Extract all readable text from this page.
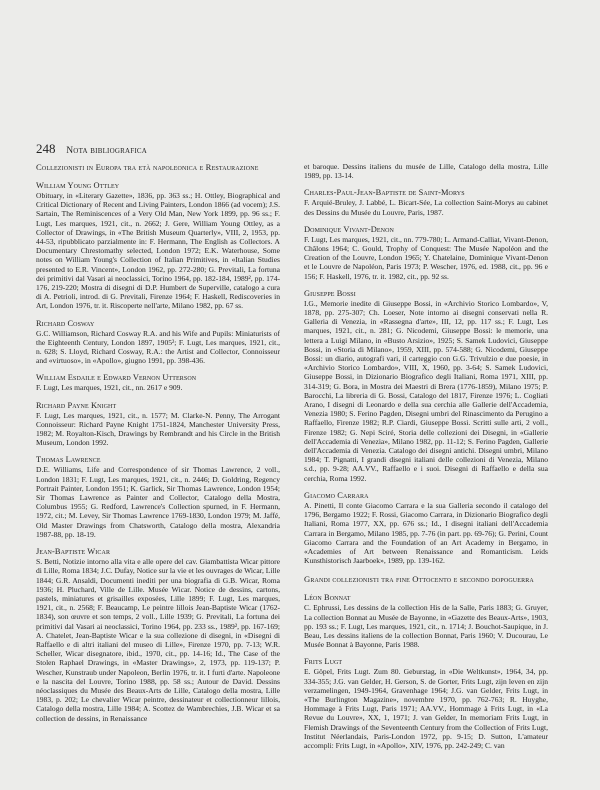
248 Nota bibliografica

Collezionisti in Europa tra età napoleonica e Restaurazione

William Young Ottley

Obituary, in «Literary Gazette», 1836, pp. 363 ss.; H. Ottley, Biographical and Critical Dictionary of Recent and Living Painters, London 1866 (ad vocem); J.S. Sartain, The Reminiscences of a Very Old Man, New York 1899, pp. 96 ss.; F. Lugt, Les marques, 1921, cit., n. 2662; J. Gere, William Young Ottley, as a Collector of Drawings, in «The British Museum Quarterly», VIII, 2, 1953, pp. 44-53, ripubblicato parzialmente in: F. Hermann, The English as Collectors. A Documentary Chrestomathy selected, London 1972; E.K. Waterhouse, Some notes on William Young's Collection of Italian Primitives, in «Italian Studies presented to E.R. Vincent», London 1962, pp. 272-280; G. Previtali, La fortuna dei primitivi dal Vasari ai neoclassici, Torino 1964, pp. 182-184, 1989², pp. 174-176, 219-220; Mostra di disegni di D.P. Humbert de Superville, catalogo a cura di A. Petrioli, introd. di G. Previtali, Firenze 1964; F. Haskell, Rediscoveries in Art, London 1976, tr. it. Riscoperte nell'arte, Milano 1982, pp. 67 ss.

Richard Cosway

G.C. Williamson, Richard Cosway R.A. and his Wife and Pupils: Miniaturists of the Eighteenth Century, London 1897, 1905²; F. Lugt, Les marques, 1921, cit., n. 628; S. Lloyd, Richard Cosway, R.A.: the Artist and Collector, Connoisseur and «virtuoso», in «Apollo», giugno 1991, pp. 398-436.

William Esdaile e Edward Vernon Utterson

F. Lugt, Les marques, 1921, cit., nn. 2617 e 909.

Richard Payne Knight

F. Lugt, Les marques, 1921, cit., n. 1577; M. Clarke-N. Penny, The Arrogant Connoisseur: Richard Payne Knight 1751-1824, Manchester University Press, 1982; M. Royalton-Kisch, Drawings by Rembrandt and his Circle in the British Museum, London 1992.

Thomas Lawrence

D.E. Williams, Life and Correspondence of sir Thomas Lawrence, 2 voll., London 1831; F. Lugt, Les marques, 1921, cit., n. 2446; D. Goldring, Regency Portrait Painter, London 1951; K. Garlick, Sir Thomas Lawrence, London 1954; Sir Thomas Lawrence as Painter and Collector, Catalogo della Mostra, Columbus 1955; G. Redford, Lawrence's Collection spurned, in F. Hermann, 1972, cit.; M. Levey, Sir Thomas Lawrence 1769-1830, London 1979; M. Jaffé, Old Master Drawings from Chatsworth, Catalogo della mostra, Alexandria 1987-88, pp. 18-19.

Jean-Baptiste Wicar

S. Betti, Notizie intorno alla vita e alle opere del cav. Giambattista Wicar pittore di Lille, Roma 1834; J.C. Dufay, Notice sur la vie et les ouvrages de Wicar, Lille 1844; G.R. Ansaldi, Documenti inediti per una biografia di G.B. Wicar, Roma 1936; H. Pluchard, Ville de Lille. Musée Wicar. Notice de dessins, cartons, pastels, miniatures et grisailles exposées, Lille 1899; F. Lugt, Les marques, 1921, cit., n. 2568; F. Beaucamp, Le peintre lillois Jean-Baptiste Wicar (1762-1834), son œuvre et son temps, 2 voll., Lille 1939; G. Previtali, La fortuna dei primitivi dal Vasari ai neoclassici, Torino 1964, pp. 233 ss., 1989², pp. 167-169; A. Chatelet, Jean-Baptiste Wicar e la sua collezione di disegni, in «Disegni di Raffaello e di altri italiani del museo di Lille», Firenze 1970, pp. 7-13; W.R. Scheller, Wicar disegnatore, ibid., 1970, cit., pp. 14-16; Id., The Case of the Stolen Raphael Drawings, in «Master Drawings», 2, 1973, pp. 119-137; P. Wescher, Kunstraub under Napoleon, Berlin 1976, tr. it. I furti d'arte. Napoleone e la nascita del Louvre, Torino 1988, pp. 58 ss.; Autour de David. Dessins néoclassiques du Musée des Beaux-Arts de Lille, Catalogo della mostra, Lille 1983, p. 202; Le chevalier Wicar peintre, dessinateur et collectionneur lillois, Catalogo della mostra, Lille 1984; A. Scottez de Wambrechies, J.B. Wicar et sa collection de dessins, in Renaissance

et baroque. Dessins italiens du musée de Lille, Catalogo della mostra, Lille 1989, pp. 13-14.

Charles-Paul-Jean-Baptiste de Saint-Morys

F. Arquié-Bruley, J. Labbé, L. Bicart-Sée, La collection Saint-Morys au cabinet des Dessins du Musée du Louvre, Paris, 1987.

Dominique Vivant-Denon

F. Lugt, Les marques, 1921, cit., nn. 779-780; L. Armand-Calliat, Vivant-Denon, Châlons 1964; C. Gould, Trophy of Conquest: The Musée Napoléon and the Creation of the Louvre, London 1965; Y. Chatelaine, Dominique Vivant-Denon et le Louvre de Napoléon, Paris 1973; P. Wescher, 1976, ed. 1988, cit., pp. 96 e 156; F. Haskell, 1976, tr. it. 1982, cit., pp. 92 ss.

Giuseppe Bossi

I.G., Memorie inedite di Giuseppe Bossi, in «Archivio Storico Lombardo», V, 1878, pp. 275-307; Ch. Loeser, Note intorno ai disegni conservati nella R. Galleria di Venezia, in «Rassegna d'arte», III, 12, pp. 117 ss.; F. Lugt, Les marques, 1921, cit., n. 281; G. Nicodemi, Giuseppe Bossi: le memorie, una lettera a Luigi Milano, in «Busto Arsizio», 1925; S. Samek Ludovici, Giuseppe Bossi, in «Storia di Milano», 1959, XIII, pp. 574-588; G. Nicodemi, Giuseppe Bossi: un diario, autografi vari, il carteggio con G.G. Trivulzio e due poesie, in «Archivio Storico Lombardo», VIII, X, 1960, pp. 3-64; S. Samek Ludovici, Giuseppe Bossi, in Dizionario Biografico degli Italiani, Roma 1971, XIII, pp. 314-319; G. Bora, in Mostra dei Maestri di Brera (1776-1859), Milano 1975; P. Barocchi, La libreria di G. Bossi, Catalogo del 1817, Firenze 1976; L. Cogliati Arano, I disegni di Leonardo e della sua cerchia alle Gallerie dell'Accademia, Venezia 1980; S. Ferino Pagden, Disegni umbri del Rinascimento da Perugino a Raffaello, Firenze 1982; R.P. Ciardi, Giuseppe Bossi. Scritti sulle arti, 2 voll., Firenze 1982; G. Nepi Sciré, Storia delle collezioni dei Disegni, in «Gallerie dell'Accademia di Venezia», Milano 1982, pp. 11-12; S. Ferino Pagden, Gallerie dell'Accademia di Venezia. Catalogo dei disegni antichi. Disegni umbri, Milano 1984; T. Pignatti, I grandi disegni italiani delle collezioni di Venezia, Milano s.d., pp. 9-28; AA.VV., Raffaello e i suoi. Disegni di Raffaello e della sua cerchia, Roma 1992.

Giacomo Carrara

A. Pinetti, Il conte Giacomo Carrara e la sua Galleria secondo il catalogo del 1796, Bergamo 1922; F. Rossi, Giacomo Carrara, in Dizionario Biografico degli Italiani, Roma 1977, XX, pp. 676 ss.; Id., I disegni italiani dell'Accademia Carrara in Bergamo, Milano 1985, pp. 7-76 (in part. pp. 69-76); G. Perini, Count Giacomo Carrara and the Foundation of an Art Academy in Bergamo, in «Academies of Art between Renaissance and Romanticism. Leids Kunsthistorisch Jaarboek», 1989, pp. 139-162.

Grandi collezionisti tra fine Ottocento e secondo dopoguerra

Léon Bonnat

C. Ephrussi, Les dessins de la collection His de la Salle, Paris 1883; G. Gruyer, La collection Bonnat au Musée de Bayonne, in «Gazette des Beaux-Arts», 1903, pp. 193 ss.; F. Lugt, Les marques, 1921, cit., n. 1714; J. Bouchot-Saupique, in J. Beau, Les dessins italiens de la collection Bonnat, Paris 1960; V. Ducourau, Le Musée Bonnat à Bayonne, Paris 1988.

Frits Lugt

E. Göpel, Frits Lugt. Zum 80. Geburstag, in «Die Weltkunst», 1964, 34, pp. 334-355; J.G. van Gelder, H. Gerson, S. de Gorter, Frits Lugt, zijn leven en zijn verzamelingen, 1949-1964, Gravenhage 1964; J.G. van Gelder, Frits Lugt, in «The Burlington Magazine», novembre 1970, pp. 762-763; R. Huyghe, Hommage à Frits Lugt, Paris 1971; AA.VV., Hommage à Frits Lugt, in «La Revue du Louvre», XX, 1, 1971; J. van Gelder, In memoriam Frits Lugt, in Flemish Drawings of the Seventeenth Century from the Collection of Frits Lugt, Institut Néerlandais, Paris-London 1972, pp. 9-15; D. Sutton, L'amateur accompli: Frits Lugt, in «Apollo», XIV, 1976, pp. 242-249; C. van
